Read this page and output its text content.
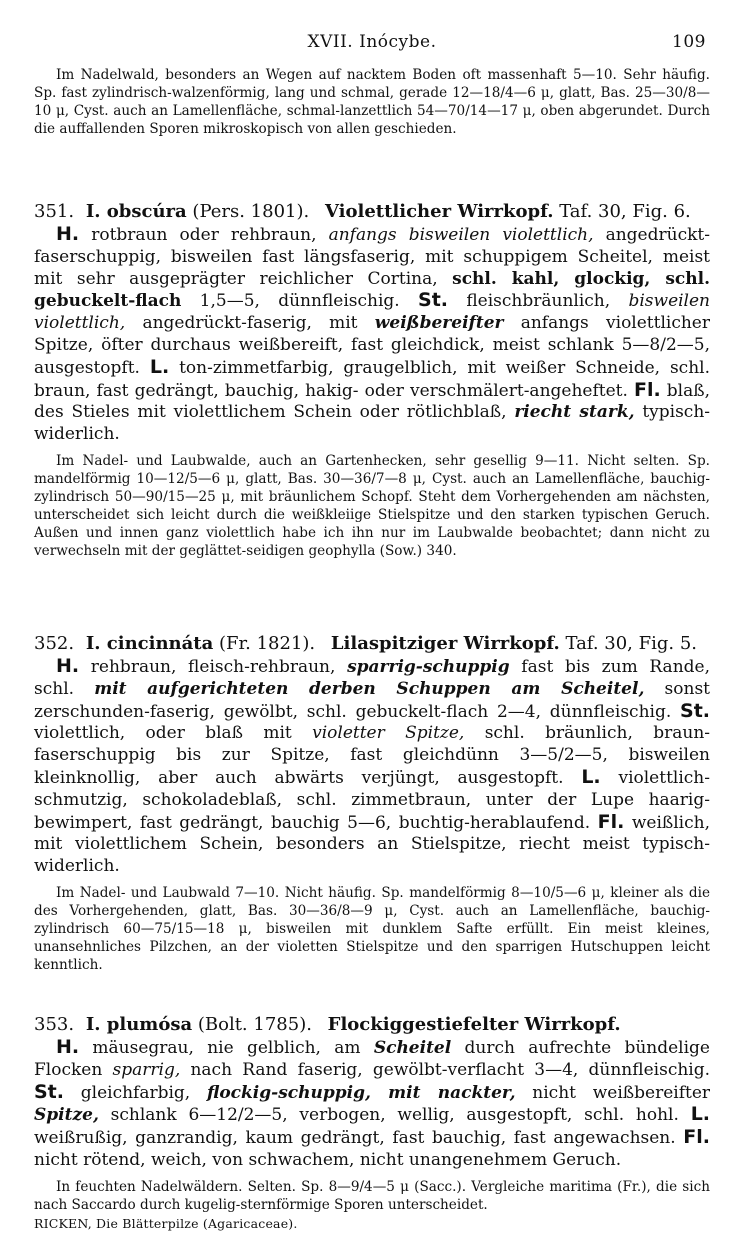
XVII. Inócybe.	109

Im Nadelwald, besonders an Wegen auf nacktem Boden oft massenhaft 5—10. Sehr häufig. Sp. fast zylindrisch-walzenförmig, lang und schmal, gerade 12—18/4—6 μ, glatt, Bas. 25—30/8—10 μ, Cyst. auch an Lamellenfläche, schmal-lanzettlich 54—70/14—17 μ, oben abgerundet. Durch die auffallenden Sporen mikroskopisch von allen geschieden.

351. I. obscúra (Pers. 1801). Violettlicher Wirrkopf. Taf. 30, Fig. 6.

H. rotbraun oder rehbraun, anfangs bisweilen violettlich, angedrückt-faserschuppig, bisweilen fast längsfaserig, mit schuppigem Scheitel, meist mit sehr ausgeprägter reichlicher Cortina, schl. kahl, glockig, schl. gebuckelt-flach 1,5—5, dünnfleischig. St. fleischbräunlich, bisweilen violettlich, angedrückt-faserig, mit weißbereifter anfangs violettlicher Spitze, öfter durchaus weißbereift, fast gleichdick, meist schlank 5—8/2—5, ausgestopft. L. ton-zimmetfarbig, graugelblich, mit weißer Schneide, schl. braun, fast gedrängt, bauchig, hakig- oder verschmälert-angeheftet. Fl. blaß, des Stieles mit violettlichem Schein oder rötlichblaß, riecht stark, typisch-widerlich.

Im Nadel- und Laubwalde, auch an Gartenhecken, sehr gesellig 9—11. Nicht selten. Sp. mandelförmig 10—12/5—6 μ, glatt, Bas. 30—36/7—8 μ, Cyst. auch an Lamellenfläche, bauchig-zylindrisch 50—90/15—25 μ, mit bräunlichem Schopf. Steht dem Vorhergehenden am nächsten, unterscheidet sich leicht durch die weißkleiige Stielspitze und den starken typischen Geruch. Außen und innen ganz violettlich habe ich ihn nur im Laubwalde beobachtet; dann nicht zu verwechseln mit der geglättet-seidigen geophylla (Sow.) 340.

352. I. cincinnáta (Fr. 1821). Lilaspitziger Wirrkopf. Taf. 30, Fig. 5.

H. rehbraun, fleisch-rehbraun, sparrig-schuppig fast bis zum Rande, schl. mit aufgerichteten derben Schuppen am Scheitel, sonst zerschunden-faserig, gewölbt, schl. gebuckelt-flach 2—4, dünnfleischig. St. violettlich, oder blaß mit violetter Spitze, schl. bräunlich, braun-faserschuppig bis zur Spitze, fast gleichdünn 3—5/2—5, bisweilen kleinknollig, aber auch abwärts verjüngt, ausgestopft. L. violettlich-schmutzig, schokoladeblaß, schl. zimmetbraun, unter der Lupe haarig-bewimpert, fast gedrängt, bauchig 5—6, buchtig-herablaufend. Fl. weißlich, mit violettlichem Schein, besonders an Stielspitze, riecht meist typisch-widerlich.

Im Nadel- und Laubwald 7—10. Nicht häufig. Sp. mandelförmig 8—10/5—6 μ, kleiner als die des Vorhergehenden, glatt, Bas. 30—36/8—9 μ, Cyst. auch an Lamellenfläche, bauchig-zylindrisch 60—75/15—18 μ, bisweilen mit dunklem Safte erfüllt. Ein meist kleines, unansehnliches Pilzchen, an der violetten Stielspitze und den sparrigen Hutschuppen leicht kenntlich.

353. I. plumósa (Bolt. 1785). Flockiggestiefelter Wirrkopf.

H. mäusegrau, nie gelblich, am Scheitel durch aufrechte bündelige Flocken sparrig, nach Rand faserig, gewölbt-verflacht 3—4, dünnfleischig. St. gleichfarbig, flockig-schuppig, mit nackter, nicht weißbereifter Spitze, schlank 6—12/2—5, verbogen, wellig, ausgestopft, schl. hohl. L. weißrußig, ganzrandig, kaum gedrängt, fast bauchig, fast angewachsen. Fl. nicht rötend, weich, von schwachem, nicht unangenehmem Geruch.

In feuchten Nadelwäldern. Selten. Sp. 8—9/4—5 μ (Sacc.). Vergleiche maritima (Fr.), die sich nach Saccardo durch kugelig-sternförmige Sporen unterscheidet.

RICKEN, Die Blätterpilze (Agaricaceae).
